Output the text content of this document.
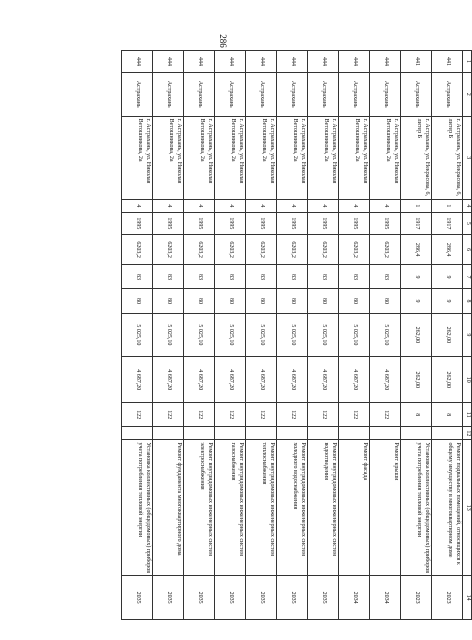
286
1	2	3	4	5	6	7	8	9	10	11	12	13	14
441	Астрахань	г. Астрахань, ул. Некрасова, 6, литер Б	1	1917	286,4	9	9	262,00	262,00	8		Ремонт подвальных помещений, относящихся к общему имуществу в многоквартирном доме	2023
441	Астрахань	г. Астрахань, ул. Некрасова, 6, литер Б	1	1917	286,4	9	9	262,00	262,00	8		Установка коллективных (общедомовых) приборов учета потребления тепловой энергии	2023
444	Астрахань	г. Астрахань, ул. Николая Ветошникова, 2а	4	1995	6203,2	83	80	5 025,10	4 687,20	122		Ремонт крыши	2034
444	Астрахань	г. Астрахань, ул. Николая Ветошникова, 2а	4	1995	6203,2	83	80	5 025,10	4 687,20	122		Ремонт фасада	2034
444	Астрахань	г. Астрахань, ул. Николая Ветошникова, 2а	4	1995	6203,2	83	80	5 025,10	4 687,20	122		Ремонт внутридомовых инженерных систем водоотведения	2035
444	Астрахань	г. Астрахань, ул. Николая Ветошникова, 2а	4	1995	6203,2	83	80	5 025,10	4 687,20	122		Ремонт внутридомовых инженерных систем холодного водоснабжения	2035
444	Астрахань	г. Астрахань, ул. Николая Ветошникова, 2а	4	1995	6203,2	83	80	5 025,10	4 687,20	122		Ремонт внутридомовых инженерных систем теплоснабжения	2035
444	Астрахань	г. Астрахань, ул. Николая Ветошникова, 2а	4	1995	6203,2	83	80	5 025,10	4 687,20	122		Ремонт внутридомовых инженерных систем газоснабжения	2035
444	Астрахань	г. Астрахань, ул. Николая Ветошникова, 2а	4	1995	6203,2	83	80	5 025,10	4 687,20	122		Ремонт внутридомовых инженерных систем электроснабжения	2035
444	Астрахань	г. Астрахань, ул. Николая Ветошникова, 2а	4	1995	6203,2	83	80	5 025,10	4 687,20	122		Ремонт фундамента многоквартирного дома	2035
444	Астрахань	г. Астрахань, ул. Николая Ветошникова, 2а	4	1995	6203,2	83	80	5 025,10	4 687,20	122		Установка коллективных (общедомовых) приборов учета потребления тепловой энергии	2035
